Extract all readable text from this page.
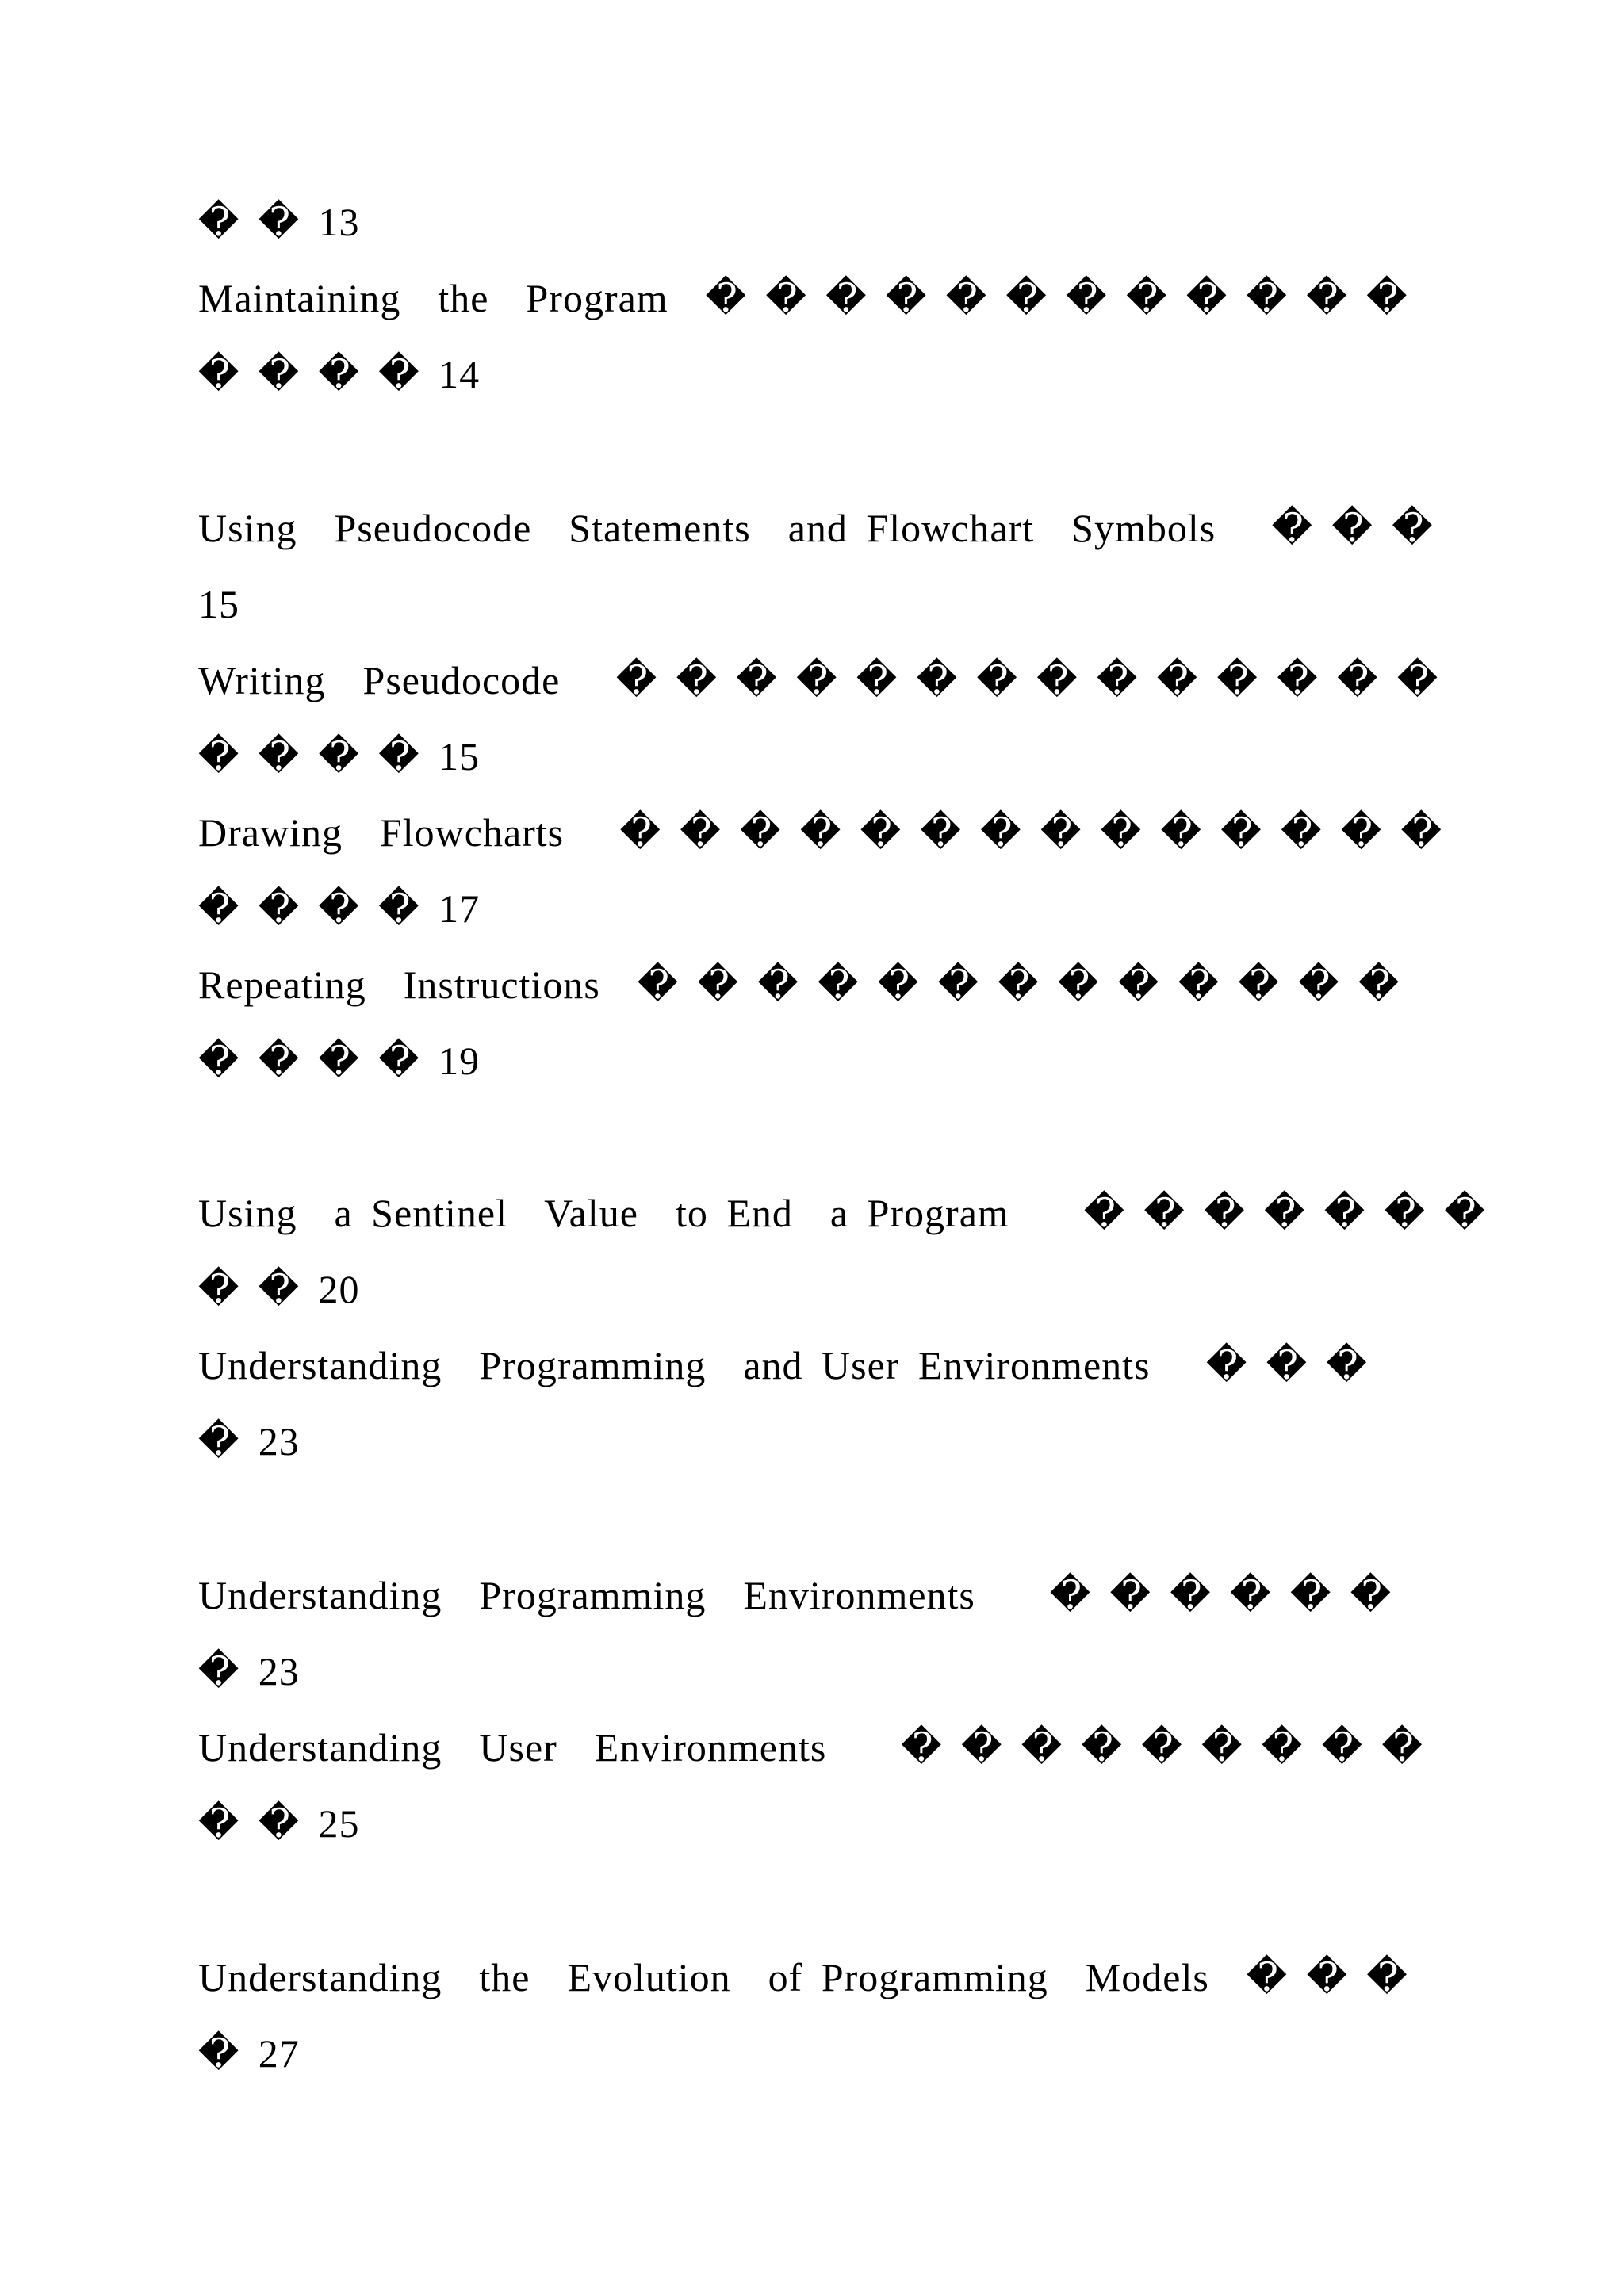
� � 13
Maintaining  the  Program  � � � � � � � � � � � �
� � � � 14
Using  Pseudocode  Statements  and Flowchart  Symbols   � � �
15
Writing  Pseudocode   � � � � � � � � � � � � � �
� � � � 15
Drawing  Flowcharts   � � � � � � � � � � � � � �
� � � � 17
Repeating  Instructions  � � � � � � � � � � � � �
� � � � 19
Using  a Sentinel  Value  to End  a Program    � � � � � � �
� � 20
Understanding  Programming  and User Environments   � � �
� 23
Understanding  Programming  Environments    � � � � � �
� 23
Understanding  User  Environments    � � � � � � � � �
� � 25
Understanding  the  Evolution  of Programming  Models  � � �
� 27
